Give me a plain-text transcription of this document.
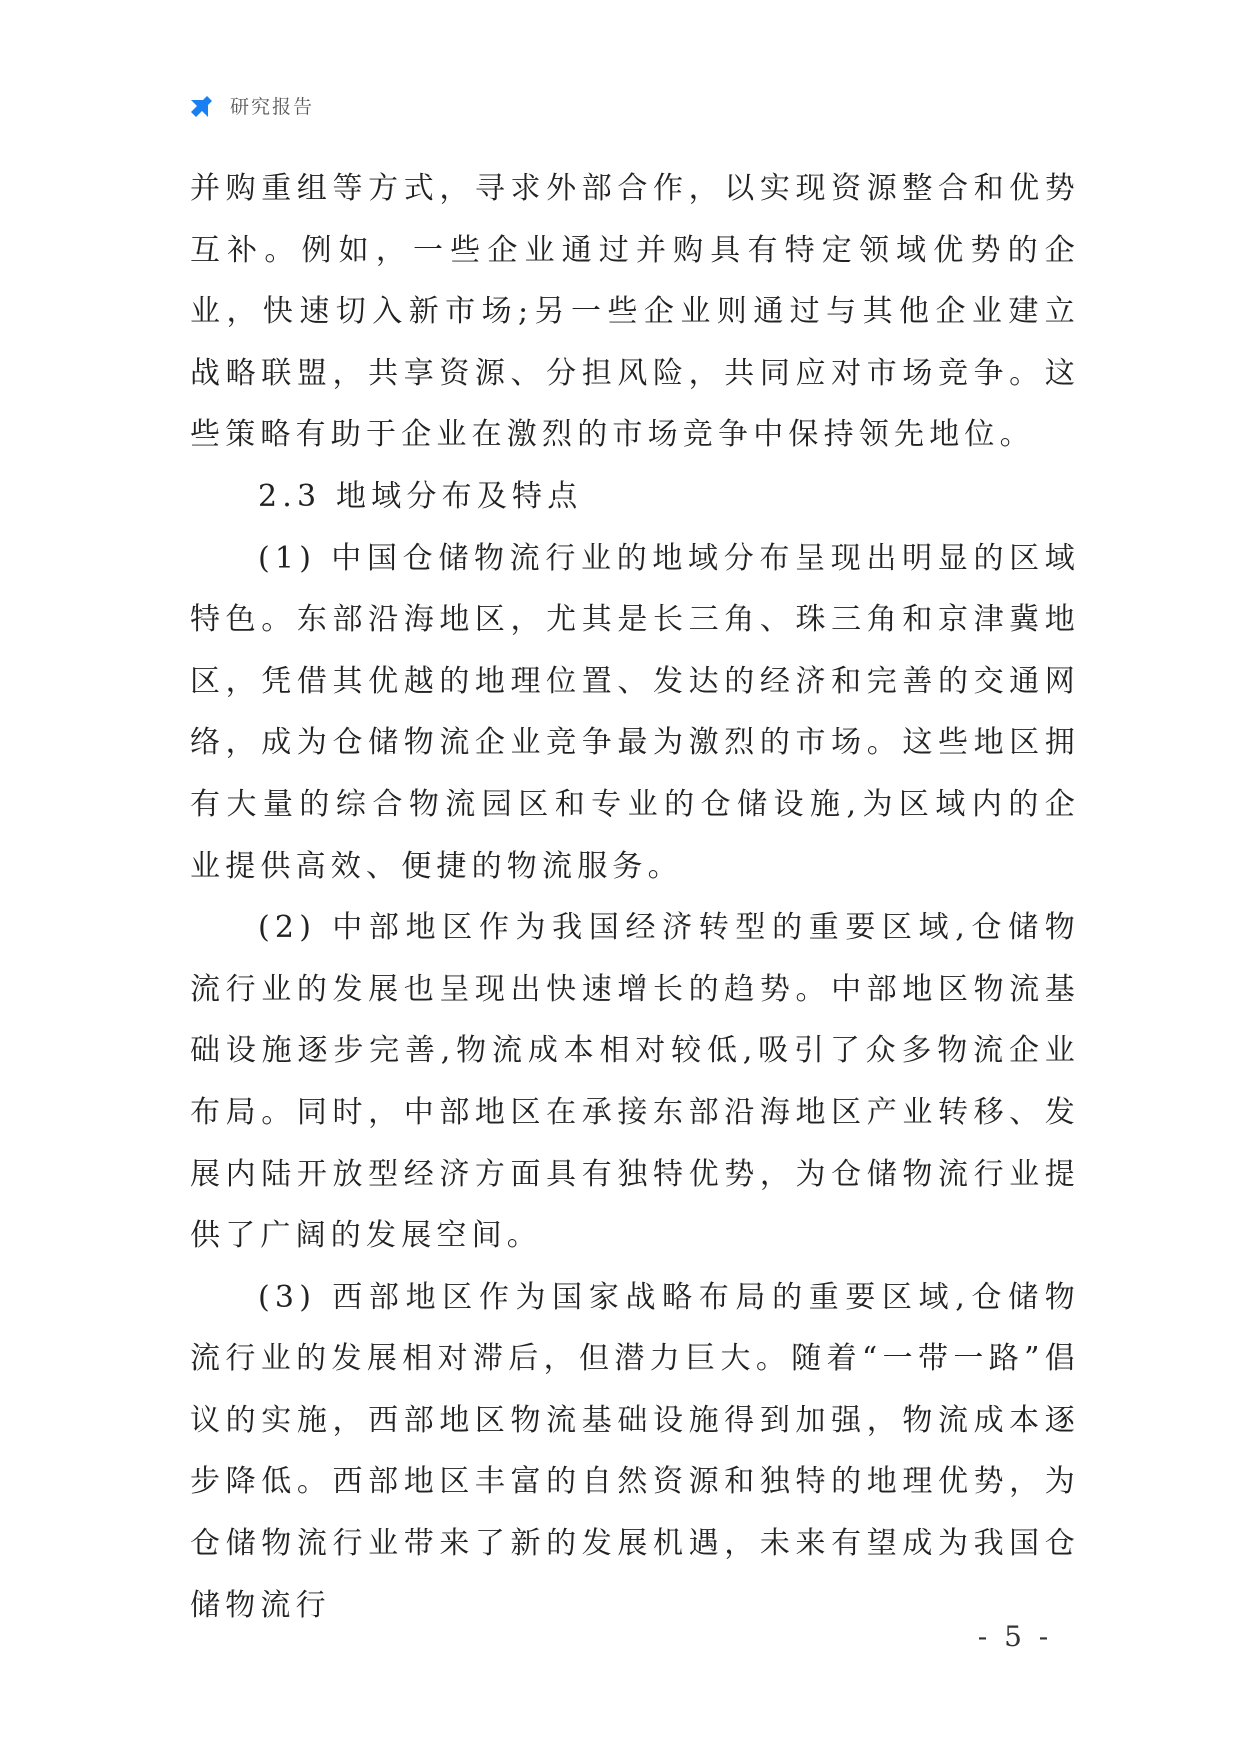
研究报告

并购重组等方式，寻求外部合作，以实现资源整合和优势互补。例如，一些企业通过并购具有特定领域优势的企业，快速切入新市场;另一些企业则通过与其他企业建立战略联盟，共享资源、分担风险，共同应对市场竞争。这些策略有助于企业在激烈的市场竞争中保持领先地位。

2.3 地域分布及特点

(1) 中国仓储物流行业的地域分布呈现出明显的区域特色。东部沿海地区，尤其是长三角、珠三角和京津冀地区，凭借其优越的地理位置、发达的经济和完善的交通网络，成为仓储物流企业竞争最为激烈的市场。这些地区拥有大量的综合物流园区和专业的仓储设施,为区域内的企业提供高效、便捷的物流服务。

(2) 中部地区作为我国经济转型的重要区域,仓储物流行业的发展也呈现出快速增长的趋势。中部地区物流基础设施逐步完善,物流成本相对较低,吸引了众多物流企业布局。同时，中部地区在承接东部沿海地区产业转移、发展内陆开放型经济方面具有独特优势，为仓储物流行业提供了广阔的发展空间。

(3) 西部地区作为国家战略布局的重要区域,仓储物流行业的发展相对滞后，但潜力巨大。随着“一带一路”倡议的实施，西部地区物流基础设施得到加强，物流成本逐步降低。西部地区丰富的自然资源和独特的地理优势，为仓储物流行业带来了新的发展机遇，未来有望成为我国仓储物流行

- 5 -
